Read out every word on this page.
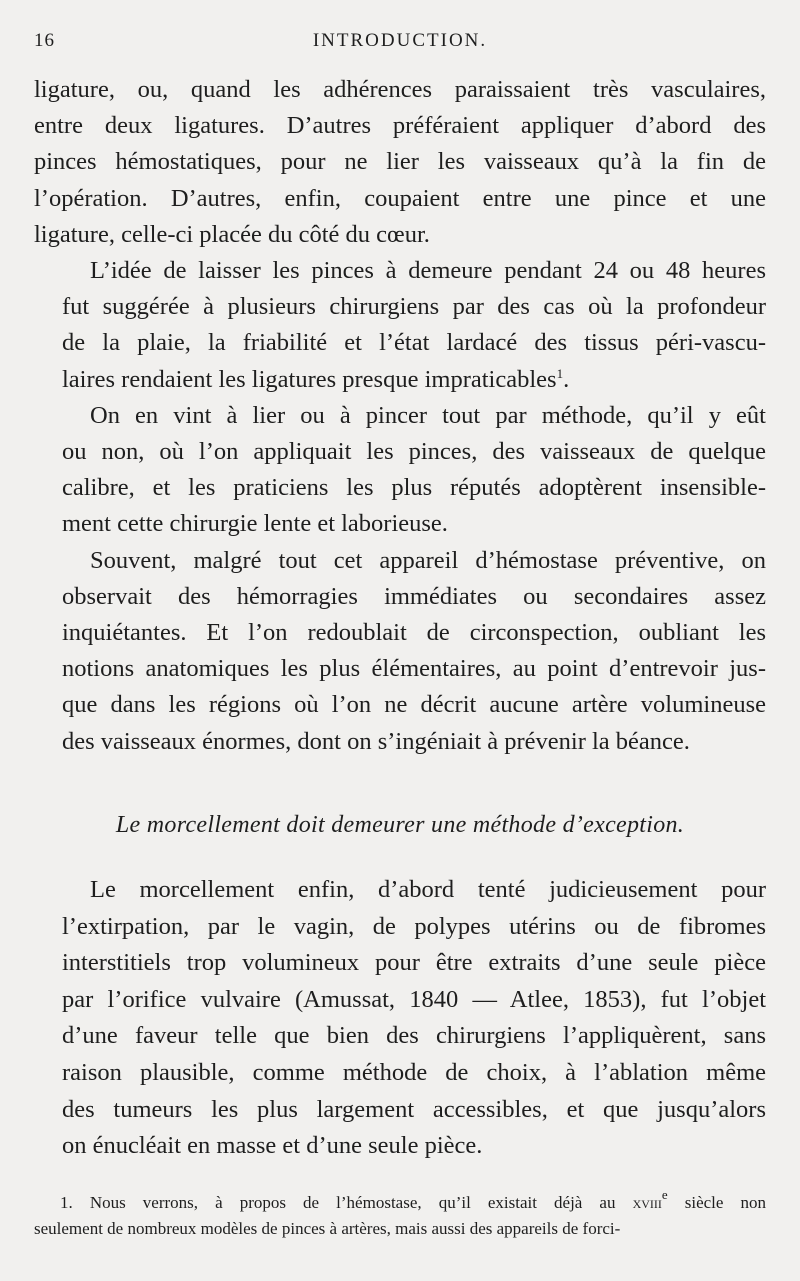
16	INTRODUCTION.

ligature, ou, quand les adhérences paraissaient très vasculaires,
entre deux ligatures. D’autres préféraient appliquer d’abord des
pinces hémostatiques, pour ne lier les vaisseaux qu’à la fin de
l’opération. D’autres, enfin, coupaient entre une pince et une
ligature, celle-ci placée du côté du cœur.

L’idée de laisser les pinces à demeure pendant 24 ou 48 heures
fut suggérée à plusieurs chirurgiens par des cas où la profondeur
de la plaie, la friabilité et l’état lardacé des tissus péri-vascu-
laires rendaient les ligatures presque impraticables$^1$.

On en vint à lier ou à pincer tout par méthode, qu’il y eût
ou non, où l’on appliquait les pinces, des vaisseaux de quelque
calibre, et les praticiens les plus réputés adoptèrent insensible-
ment cette chirurgie lente et laborieuse.

Souvent, malgré tout cet appareil d’hémostase préventive, on
observait des hémorragies immédiates ou secondaires assez
inquiétantes. Et l’on redoublait de circonspection, oubliant les
notions anatomiques les plus élémentaires, au point d’entrevoir jus-
que dans les régions où l’on ne décrit aucune artère volumineuse
des vaisseaux énormes, dont on s’ingéniait à prévenir la béance.

Le morcellement doit demeurer une méthode d’exception.

Le morcellement enfin, d’abord tenté judicieusement pour
l’extirpation, par le vagin, de polypes utérins ou de fibromes
interstitiels trop volumineux pour être extraits d’une seule pièce
par l’orifice vulvaire (Amussat, 1840 — Atlee, 1853), fut l’objet
d’une faveur telle que bien des chirurgiens l’appliquèrent, sans
raison plausible, comme méthode de choix, à l’ablation même
des tumeurs les plus largement accessibles, et que jusqu’alors
on énucléait en masse et d’une seule pièce.

1. Nous verrons, à propos de l’hémostase, qu’il existait déjà au xviii$^e$ siècle non
seulement de nombreux modèles de pinces à artères, mais aussi des appareils de forci-
